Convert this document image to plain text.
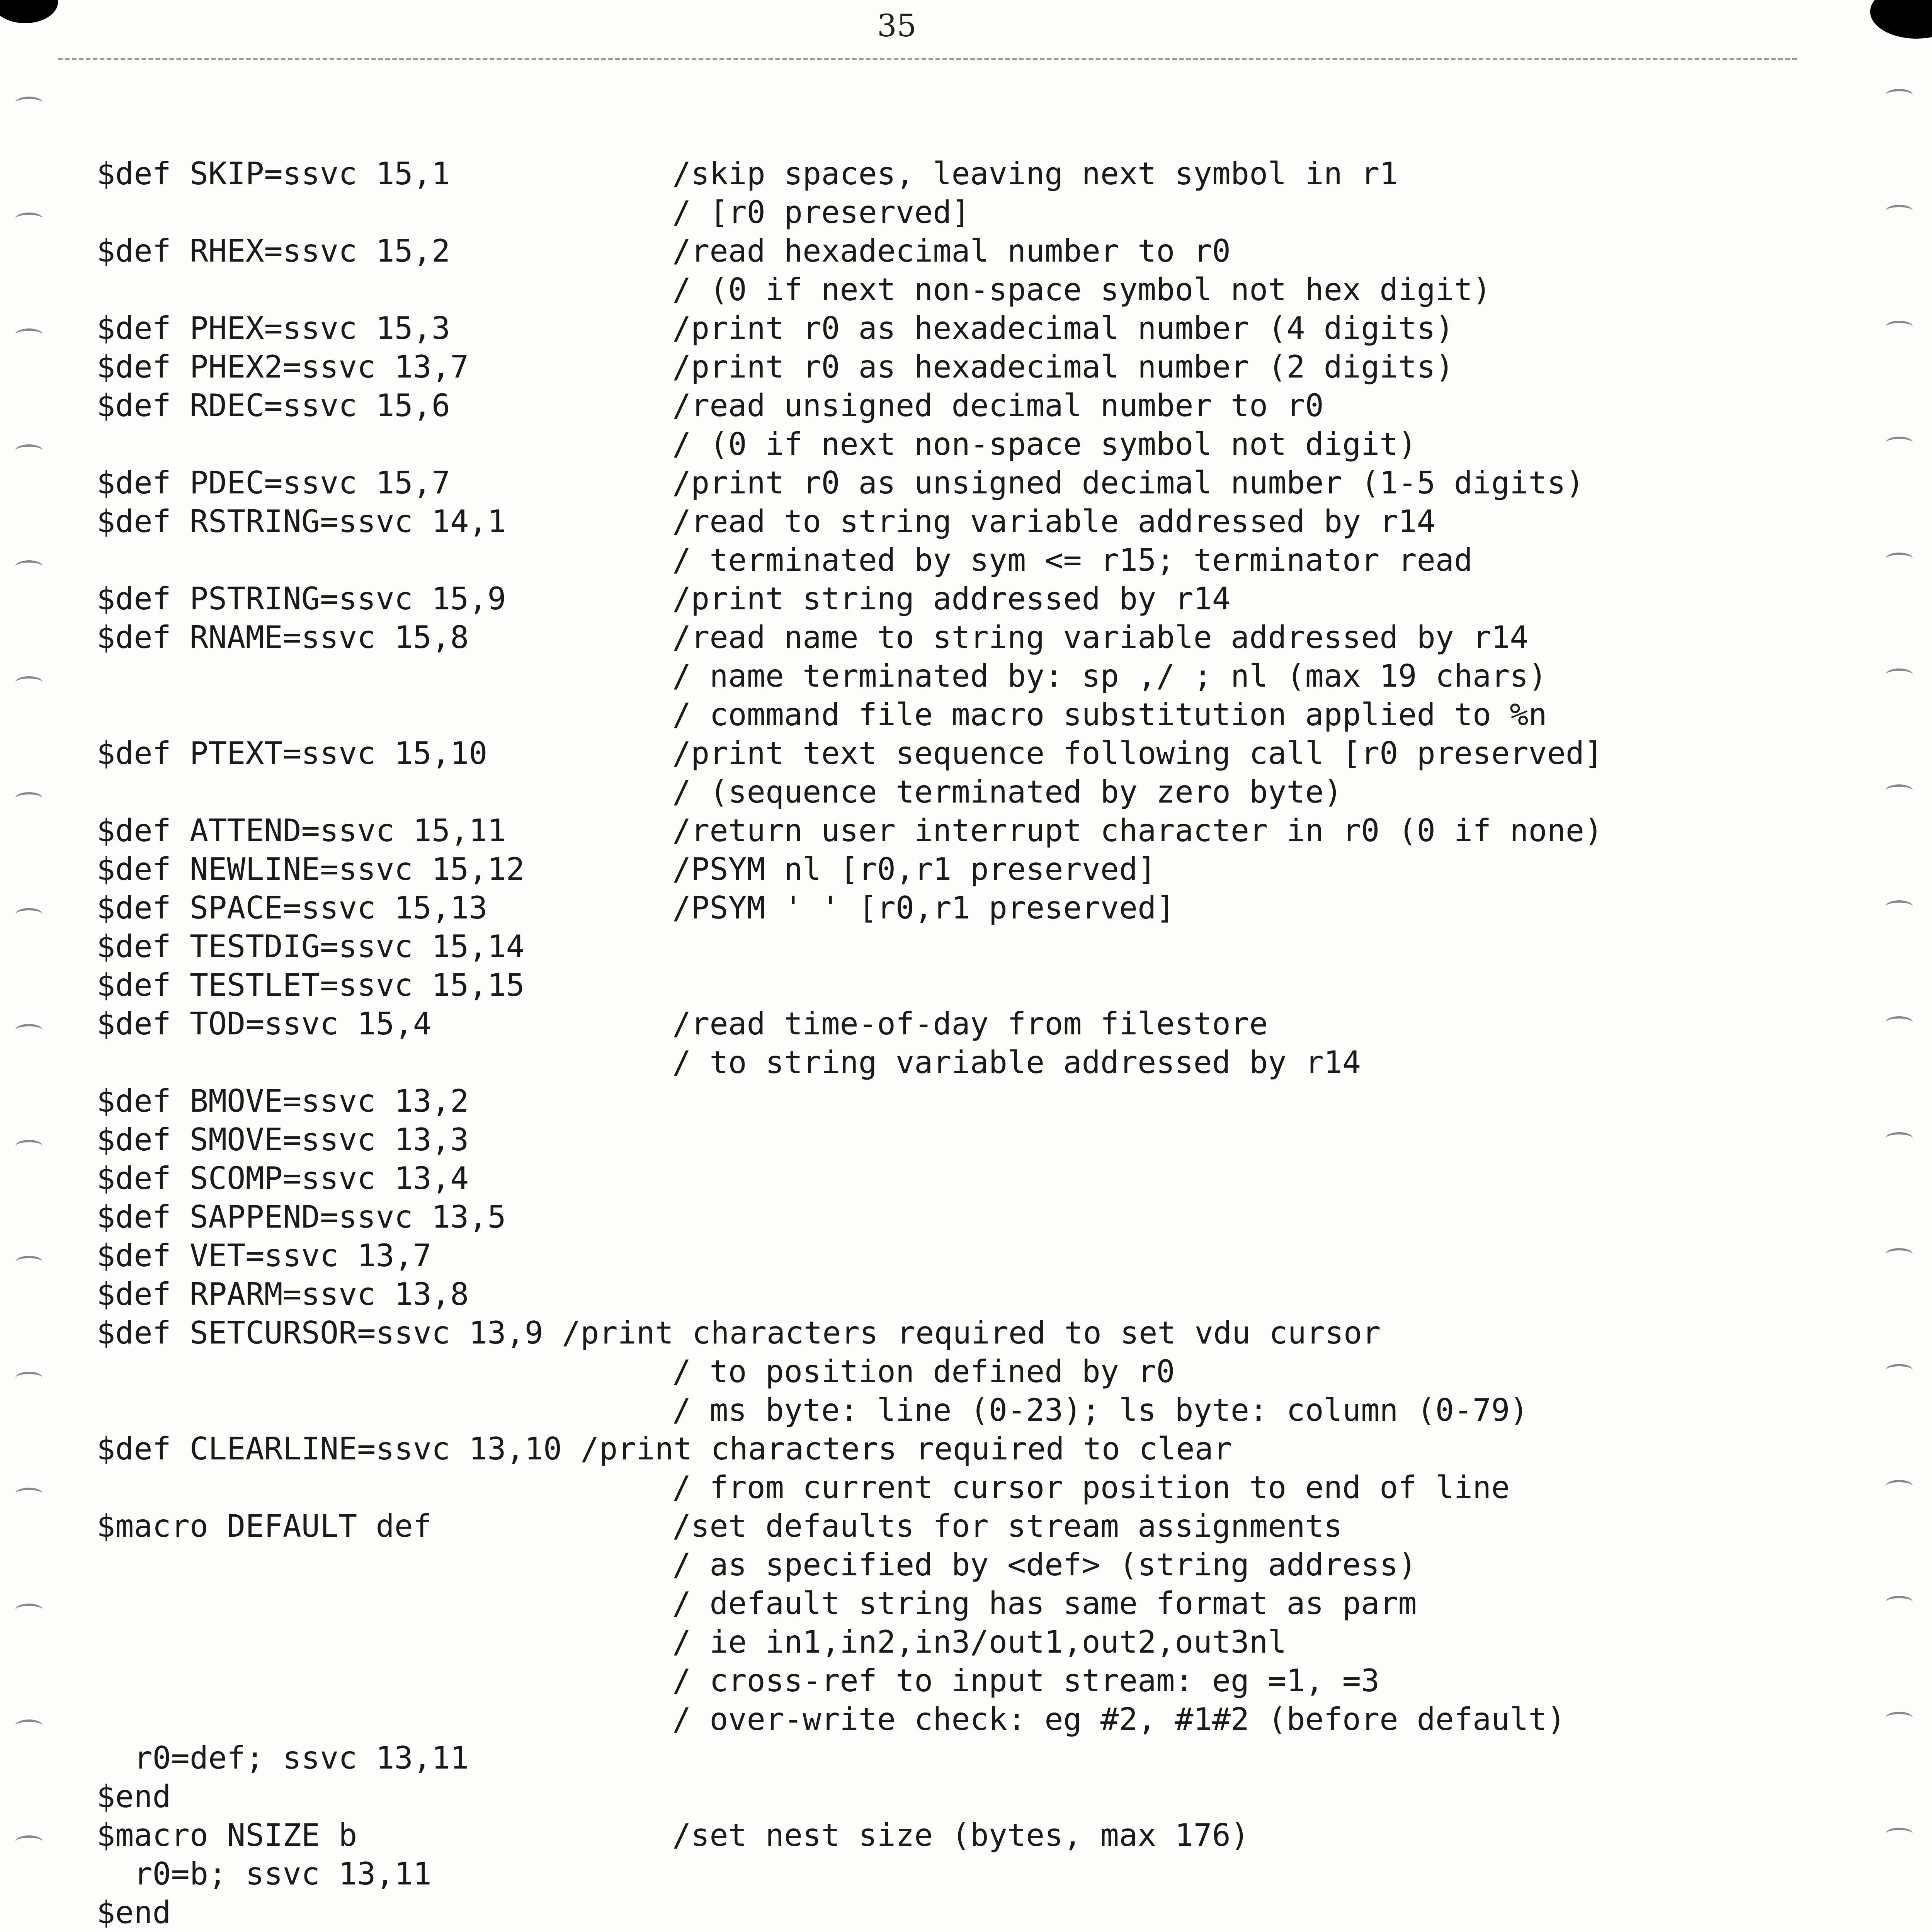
35
$def SKIP=ssvc 15,1	/skip spaces, leaving next symbol in r1
/ [r0 preserved]
$def RHEX=ssvc 15,2	/read hexadecimal number to r0
/ (0 if next non-space symbol not hex digit)
$def PHEX=ssvc 15,3	/print r0 as hexadecimal number (4 digits)
$def PHEX2=ssvc 13,7	/print r0 as hexadecimal number (2 digits)
$def RDEC=ssvc 15,6	/read unsigned decimal number to r0
/ (0 if next non-space symbol not digit)
$def PDEC=ssvc 15,7	/print r0 as unsigned decimal number (1-5 digits)
$def RSTRING=ssvc 14,1	/read to string variable addressed by r14
/ terminated by sym <= r15; terminator read
$def PSTRING=ssvc 15,9	/print string addressed by r14
$def RNAME=ssvc 15,8	/read name to string variable addressed by r14
/ name terminated by: sp ,/ ; nl (max 19 chars)
/ command file macro substitution applied to %n
$def PTEXT=ssvc 15,10	/print text sequence following call [r0 preserved]
/ (sequence terminated by zero byte)
$def ATTEND=ssvc 15,11	/return user interrupt character in r0 (0 if none)
$def NEWLINE=ssvc 15,12	/PSYM nl [r0,r1 preserved]
$def SPACE=ssvc 15,13	/PSYM ' ' [r0,r1 preserved]
$def TESTDIG=ssvc 15,14
$def TESTLET=ssvc 15,15
$def TOD=ssvc 15,4	/read time-of-day from filestore
/ to string variable addressed by r14
$def BMOVE=ssvc 13,2
$def SMOVE=ssvc 13,3
$def SCOMP=ssvc 13,4
$def SAPPEND=ssvc 13,5
$def VET=ssvc 13,7
$def RPARM=ssvc 13,8
$def SETCURSOR=ssvc 13,9 /print characters required to set vdu cursor
/ to position defined by r0
/ ms byte: line (0-23); ls byte: column (0-79)
$def CLEARLINE=ssvc 13,10 /print characters required to clear
/ from current cursor position to end of line
$macro DEFAULT def	/set defaults for stream assignments
/ as specified by <def> (string address)
/ default string has same format as parm
/ ie in1,in2,in3/out1,out2,out3nl
/ cross-ref to input stream: eg =1, =3
/ over-write check: eg #2, #1#2 (before default)
r0=def; ssvc 13,11
$end
$macro NSIZE b	/set nest size (bytes, max 176)
r0=b; ssvc 13,11
$end
